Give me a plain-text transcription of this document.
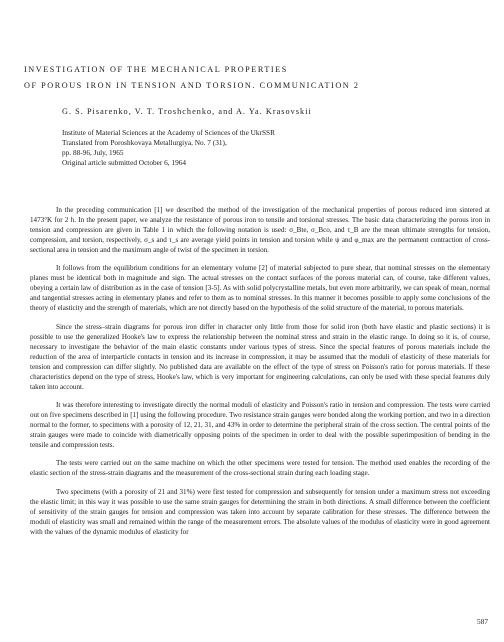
INVESTIGATION OF THE MECHANICAL PROPERTIES
OF POROUS IRON IN TENSION AND TORSION. COMMUNICATION 2
G. S. Pisarenko, V. T. Troshchenko, and A. Ya. Krasovskii
Institute of Material Sciences at the Academy of Sciences of the UkrSSR
Translated from Poroshkovaya Metallurgiya, No. 7 (31),
pp. 88-96, July, 1965
Original article submitted October 6, 1964

In the preceding communication [1] we described the method of the investigation of the mechanical properties of porous reduced iron sintered at 1473°K for 2 h. In the present paper, we analyze the resistance of porous iron to tensile and torsional stresses. The basic data characterizing the porous iron in tension and compression are given in Table 1 in which the following notation is used: σ_Bte, σ_Bco, and τ_B are the mean ultimate strengths for tension, compression, and torsion, respectively, σ_s and τ_s are average yield points in tension and torsion while ψ and φ_max are the permanent contraction of cross-sectional area in tension and the maximum angle of twist of the specimen in torsion.

It follows from the equilibrium conditions for an elementary volume [2] of material subjected to pure shear, that nominal stresses on the elementary planes must be identical both in magnitude and sign. The actual stresses on the contact surfaces of the porous material can, of course, take different values, obeying a certain law of distribution as in the case of tension [3-5]. As with solid polycrystalline metals, but even more arbitrarily, we can speak of mean, normal and tangential stresses acting in elementary planes and refer to them as to nominal stresses. In this manner it becomes possible to apply some conclusions of the theory of elasticity and the strength of materials, which are not directly based on the hypothesis of the solid structure of the material, to porous materials.

Since the stress–strain diagrams for porous iron differ in character only little from those for solid iron (both have elastic and plastic sections) it is possible to use the generalized Hooke's law to express the relationship between the nominal stress and strain in the elastic range. In doing so it is, of course, necessary to investigate the behavior of the main elastic constants under various types of stress. Since the special features of porous materials include the reduction of the area of interparticle contacts in tension and its increase in compression, it may be assumed that the moduli of elasticity of these materials for tension and compression can differ slightly. No published data are available on the effect of the type of stress on Poisson's ratio for porous materials. If these characteristics depend on the type of stress, Hooke's law, which is very important for engineering calculations, can only be used with these special features duly taken into account.

It was therefore interesting to investigate directly the normal moduli of elasticity and Poisson's ratio in tension and compression. The tests were carried out on five specimens described in [1] using the following procedure. Two resistance strain gauges were bonded along the working portion, and two in a direction normal to the former, to specimens with a porosity of 12, 21, 31, and 43% in order to determine the peripheral strain of the cross section. The central points of the strain gauges were made to coincide with diametrically opposing points of the specimen in order to deal with the possible superimposition of bending in the tensile and compression tests.

The tests were carried out on the same machine on which the other specimens were tested for tension. The method used enables the recording of the elastic section of the stress-strain diagrams and the measurement of the cross-sectional strain during each loading stage.

Two specimens (with a porosity of 21 and 31%) were first tested for compression and subsequently for tension under a maximum stress not exceeding the elastic limit; in this way it was possible to use the same strain gauges for determining the strain in both directions. A small difference between the coefficient of sensitivity of the strain gauges for tension and compression was taken into account by separate calibration for these stresses. The difference between the moduli of elasticity was small and remained within the range of the measurement errors. The absolute values of the modulus of elasticity were in good agreement with the values of the dynamic modulus of elasticity for

587
